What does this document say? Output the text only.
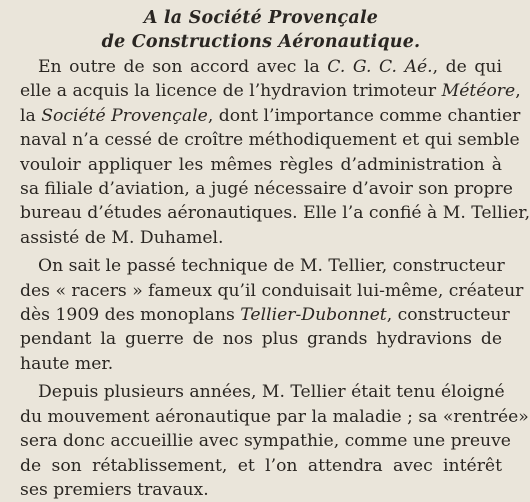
A la Société Provençale
de Constructions Aéronautique.

En outre de son accord avec la C. G. C. Aé., de qui
elle a acquis la licence de l’hydravion trimoteur Météore,
la Société Provençale, dont l’importance comme chantier
naval n’a cessé de croître méthodiquement et qui semble
vouloir appliquer les mêmes règles d’administration à
sa filiale d’aviation, a jugé nécessaire d’avoir son propre
bureau d’études aéronautiques. Elle l’a confié à M. Tellier,
assisté de M. Duhamel.

On sait le passé technique de M. Tellier, constructeur
des « racers » fameux qu’il conduisait lui-même, créateur
dès 1909 des monoplans Tellier-Dubonnet, constructeur
pendant la guerre de nos plus grands hydravions de
haute mer.

Depuis plusieurs années, M. Tellier était tenu éloigné
du mouvement aéronautique par la maladie ; sa «rentrée»
sera donc accueillie avec sympathie, comme une preuve
de son rétablissement, et l’on attendra avec intérêt
ses premiers travaux.
